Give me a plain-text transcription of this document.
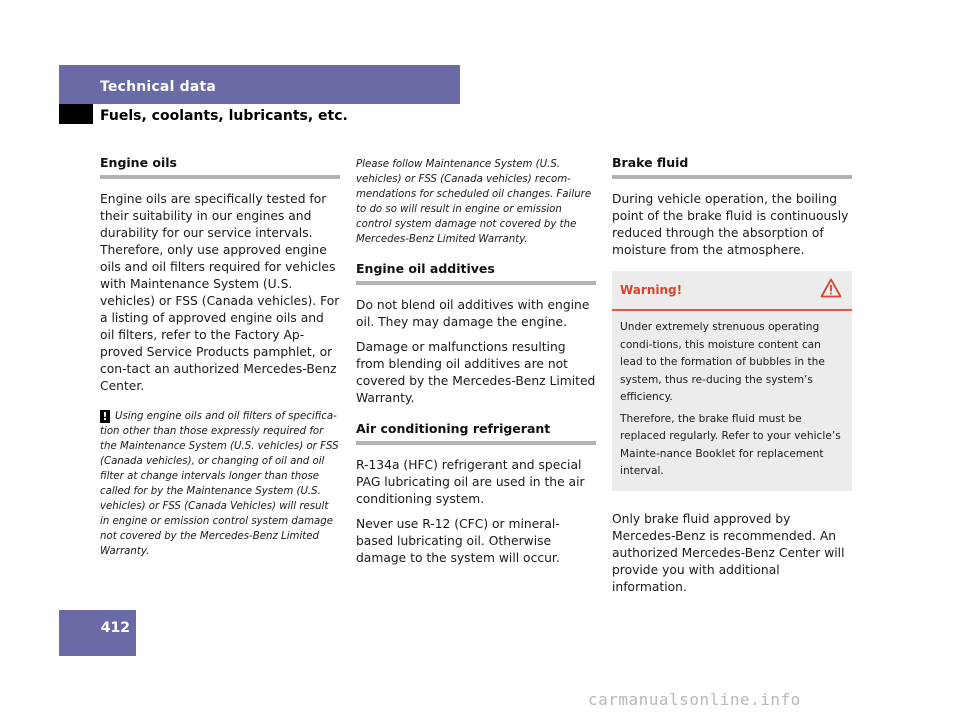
Technical data
Fuels, coolants, lubricants, etc.
Engine oils

Engine oils are specifically tested for their suitability in our engines and durability for our service intervals. Therefore, only use approved engine oils and oil filters required for vehicles with Maintenance System (U.S. vehicles) or FSS (Canada vehicles). For a listing of approved engine oils and oil filters, refer to the Factory Ap-proved Service Products pamphlet, or con-tact an authorized Mercedes-Benz Center.

! Using engine oils and oil filters of specifica-tion other than those expressly required for the Maintenance System (U.S. vehicles) or FSS (Canada vehicles), or changing of oil and oil filter at change intervals longer than those called for by the Maintenance System (U.S. vehicles) or FSS (Canada Vehicles) will result in engine or emission control system damage not covered by the Mercedes-Benz Limited Warranty.

Please follow Maintenance System (U.S. vehicles) or FSS (Canada vehicles) recom-mendations for scheduled oil changes. Failure to do so will result in engine or emission control system damage not covered by the Mercedes-Benz Limited Warranty.

Engine oil additives

Do not blend oil additives with engine oil. They may damage the engine.

Damage or malfunctions resulting from blending oil additives are not covered by the Mercedes-Benz Limited Warranty.

Air conditioning refrigerant

R-134a (HFC) refrigerant and special PAG lubricating oil are used in the air conditioning system.

Never use R-12 (CFC) or mineral-based lubricating oil. Otherwise damage to the system will occur.

Brake fluid

During vehicle operation, the boiling point of the brake fluid is continuously reduced through the absorption of moisture from the atmosphere.

Warning!

Under extremely strenuous operating condi-tions, this moisture content can lead to the formation of bubbles in the system, thus re-ducing the system’s efficiency.

Therefore, the brake fluid must be replaced regularly. Refer to your vehicle’s Mainte-nance Booklet for replacement interval.

Only brake fluid approved by Mercedes-Benz is recommended. An authorized Mercedes-Benz Center will provide you with additional information.

412
carmanualsonline.info
